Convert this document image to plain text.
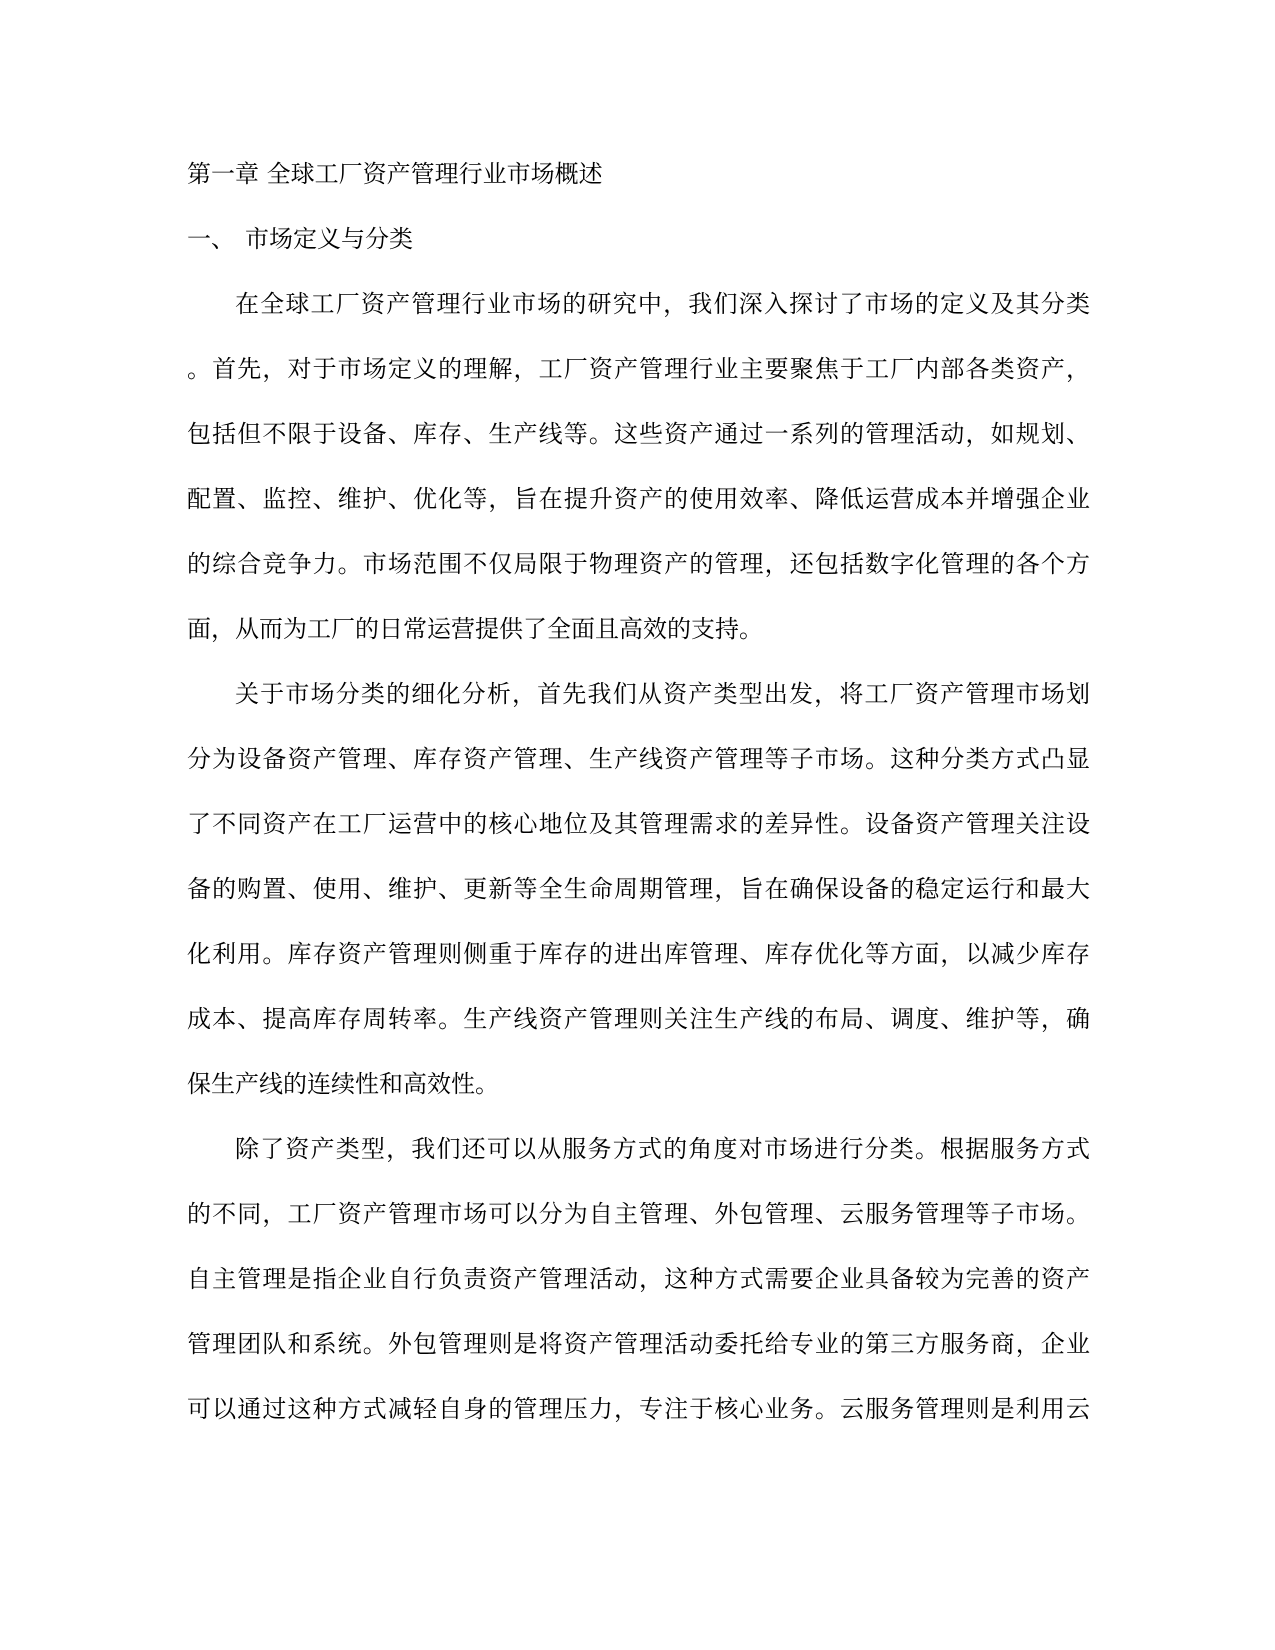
第一章 全球工厂资产管理行业市场概述
一、 市场定义与分类
在全球工厂资产管理行业市场的研究中，我们深入探讨了市场的定义及其分类
。首先，对于市场定义的理解，工厂资产管理行业主要聚焦于工厂内部各类资产，
包括但不限于设备、库存、生产线等。这些资产通过一系列的管理活动，如规划、
配置、监控、维护、优化等，旨在提升资产的使用效率、降低运营成本并增强企业
的综合竞争力。市场范围不仅局限于物理资产的管理，还包括数字化管理的各个方
面，从而为工厂的日常运营提供了全面且高效的支持。
关于市场分类的细化分析，首先我们从资产类型出发，将工厂资产管理市场划
分为设备资产管理、库存资产管理、生产线资产管理等子市场。这种分类方式凸显
了不同资产在工厂运营中的核心地位及其管理需求的差异性。设备资产管理关注设
备的购置、使用、维护、更新等全生命周期管理，旨在确保设备的稳定运行和最大
化利用。库存资产管理则侧重于库存的进出库管理、库存优化等方面，以减少库存
成本、提高库存周转率。生产线资产管理则关注生产线的布局、调度、维护等，确
保生产线的连续性和高效性。
除了资产类型，我们还可以从服务方式的角度对市场进行分类。根据服务方式
的不同，工厂资产管理市场可以分为自主管理、外包管理、云服务管理等子市场。
自主管理是指企业自行负责资产管理活动，这种方式需要企业具备较为完善的资产
管理团队和系统。外包管理则是将资产管理活动委托给专业的第三方服务商，企业
可以通过这种方式减轻自身的管理压力，专注于核心业务。云服务管理则是利用云
